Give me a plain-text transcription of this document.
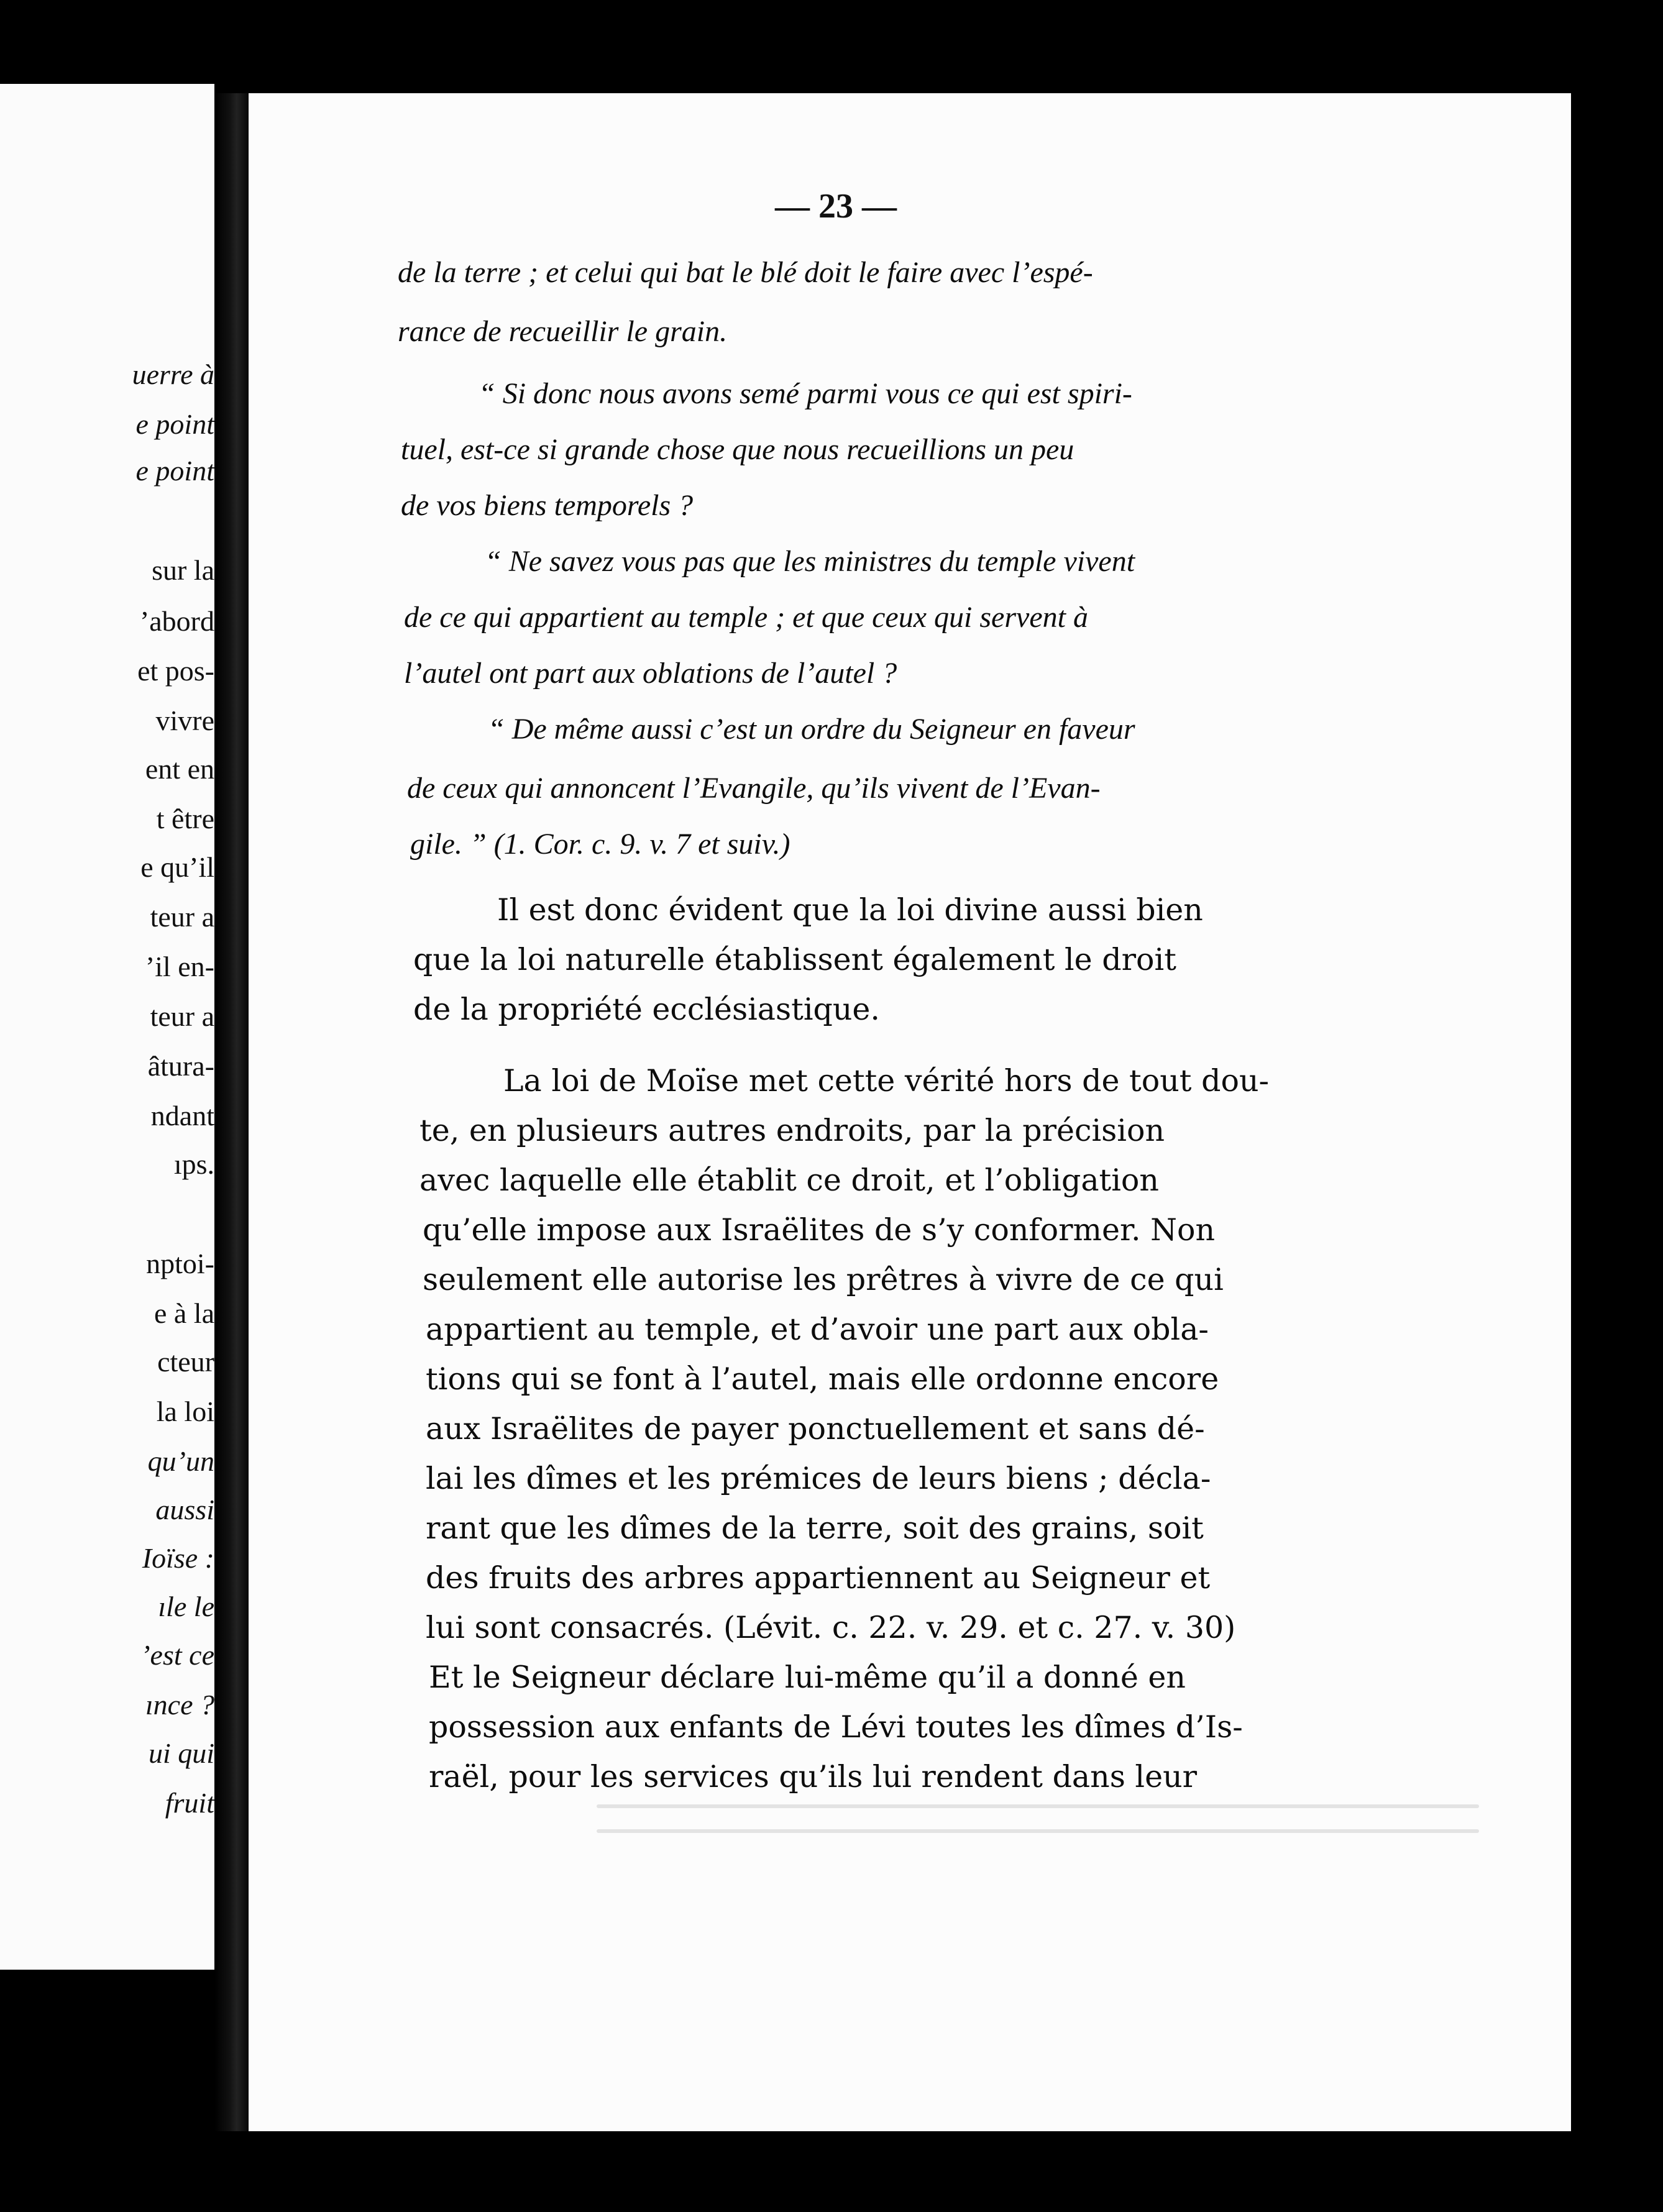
uerre à
e point
e point
sur la
’abord
et pos-
vivre
ent en
t être
e qu’il
teur a
’il en-
teur a
âtura-
ndant
ıps.
nptoi-
e à la
cteur
la loi
qu’un
aussi
Ioïse :
ıle le
’est ce
ınce ?
ui qui
fruit
— 23 —
de la terre ; et celui qui bat le blé doit le faire avec l’espé-
rance de recueillir le grain.
“ Si donc nous avons semé parmi vous ce qui est spiri-
tuel, est-ce si grande chose que nous recueillions un peu
de vos biens temporels ?
“ Ne savez vous pas que les ministres du temple vivent
de ce qui appartient au temple ; et que ceux qui servent à
l’autel ont part aux oblations de l’autel ?
“ De même aussi c’est un ordre du Seigneur en faveur
de ceux qui annoncent l’Evangile, qu’ils vivent de l’Evan-
gile. ” (1. Cor. c. 9. v. 7 et suiv.)
Il est donc évident que la loi divine aussi bien
que la loi naturelle établissent également le droit
de la propriété ecclésiastique.
La loi de Moïse met cette vérité hors de tout dou-
te, en plusieurs autres endroits, par la précision
avec laquelle elle établit ce droit, et l’obligation
qu’elle impose aux Israëlites de s’y conformer. Non
seulement elle autorise les prêtres à vivre de ce qui
appartient au temple, et d’avoir une part aux obla-
tions qui se font à l’autel, mais elle ordonne encore
aux Israëlites de payer ponctuellement et sans dé-
lai les dîmes et les prémices de leurs biens ; décla-
rant que les dîmes de la terre, soit des grains, soit
des fruits des arbres appartiennent au Seigneur et
lui sont consacrés. (Lévit. c. 22. v. 29. et c. 27. v. 30)
Et le Seigneur déclare lui-même qu’il a donné en
possession aux enfants de Lévi toutes les dîmes d’Is-
raël, pour les services qu’ils lui rendent dans leur
